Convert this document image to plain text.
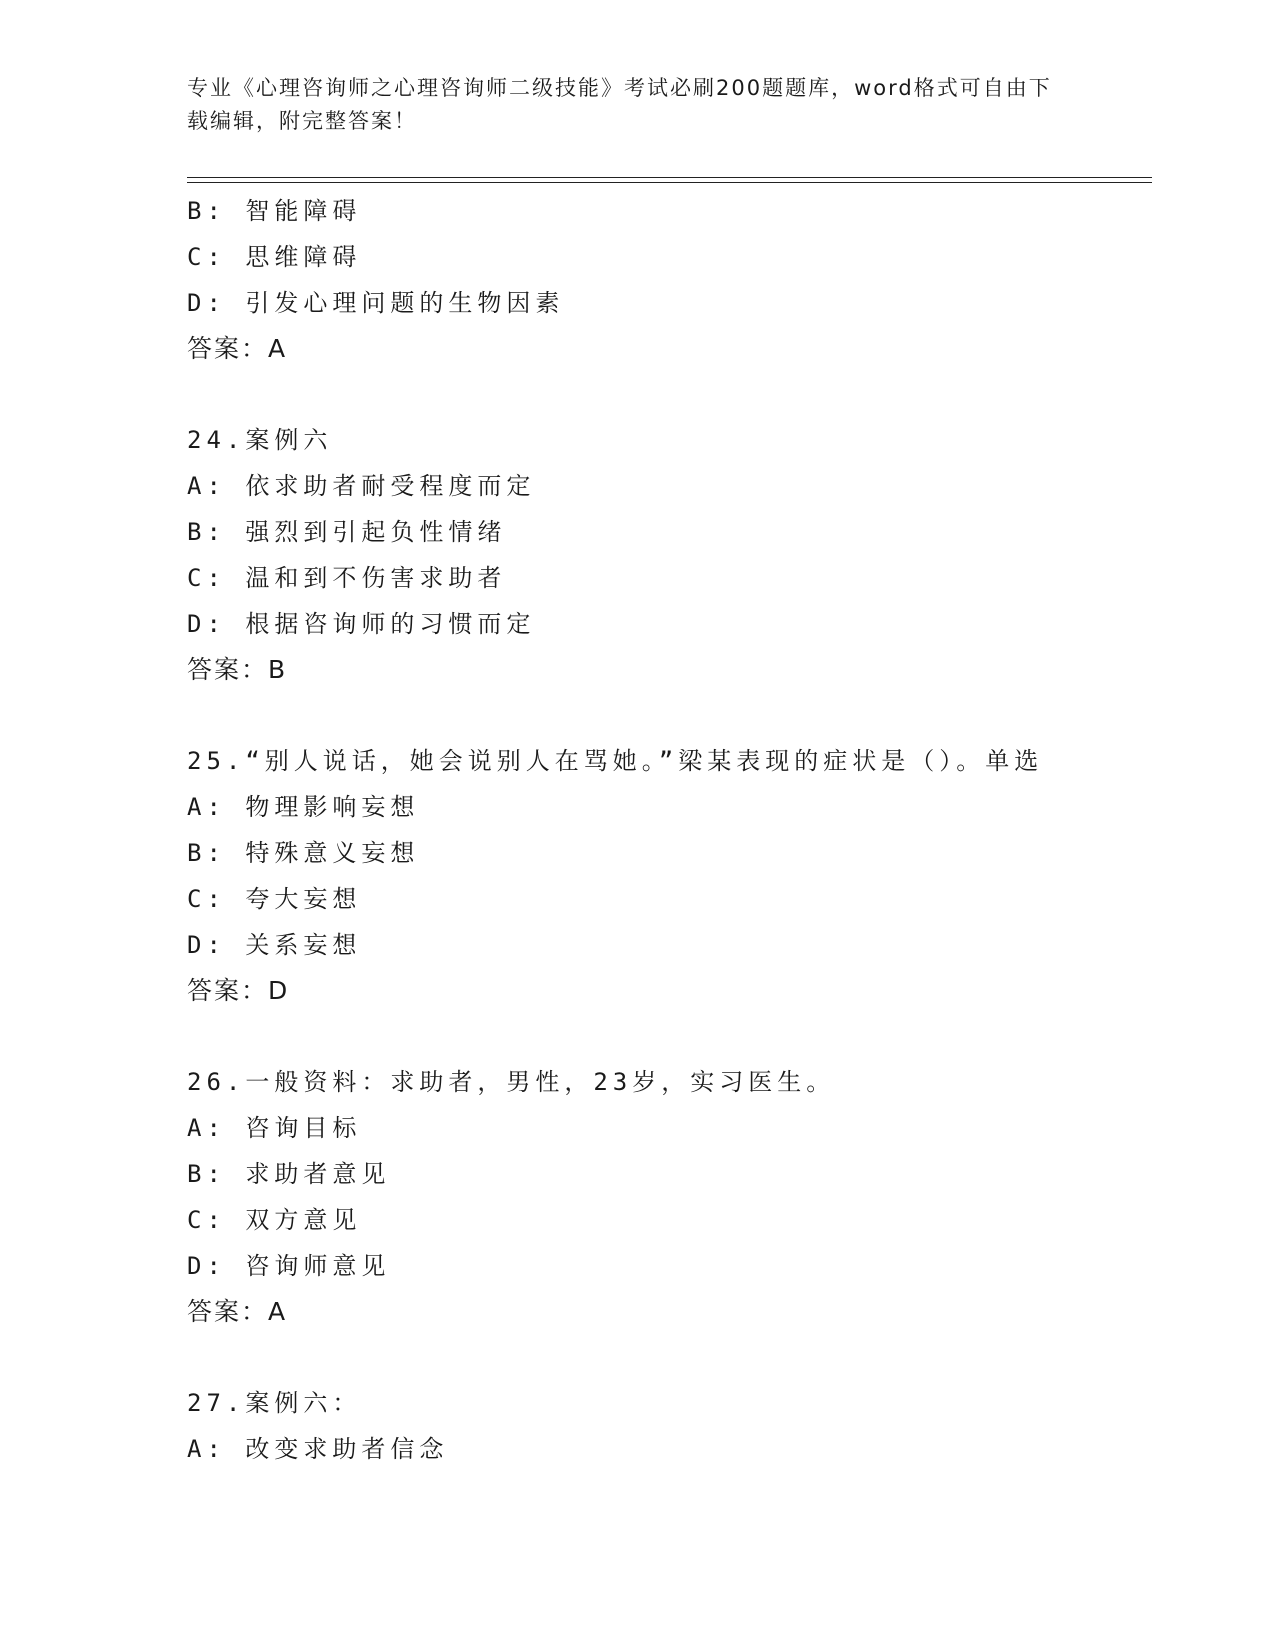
专业《心理咨询师之心理咨询师二级技能》考试必刷200题题库，word格式可自由下载编辑，附完整答案！
B: 智能障碍
C: 思维障碍
D: 引发心理问题的生物因素
答案：A
24.案例六
A: 依求助者耐受程度而定
B: 强烈到引起负性情绪
C: 温和到不伤害求助者
D: 根据咨询师的习惯而定
答案：B
25.“别人说话，她会说别人在骂她。”梁某表现的症状是（）。单选
A: 物理影响妄想
B: 特殊意义妄想
C: 夸大妄想
D: 关系妄想
答案：D
26.一般资料：求助者，男性，23岁，实习医生。
A: 咨询目标
B: 求助者意见
C: 双方意见
D: 咨询师意见
答案：A
27.案例六：
A: 改变求助者信念
